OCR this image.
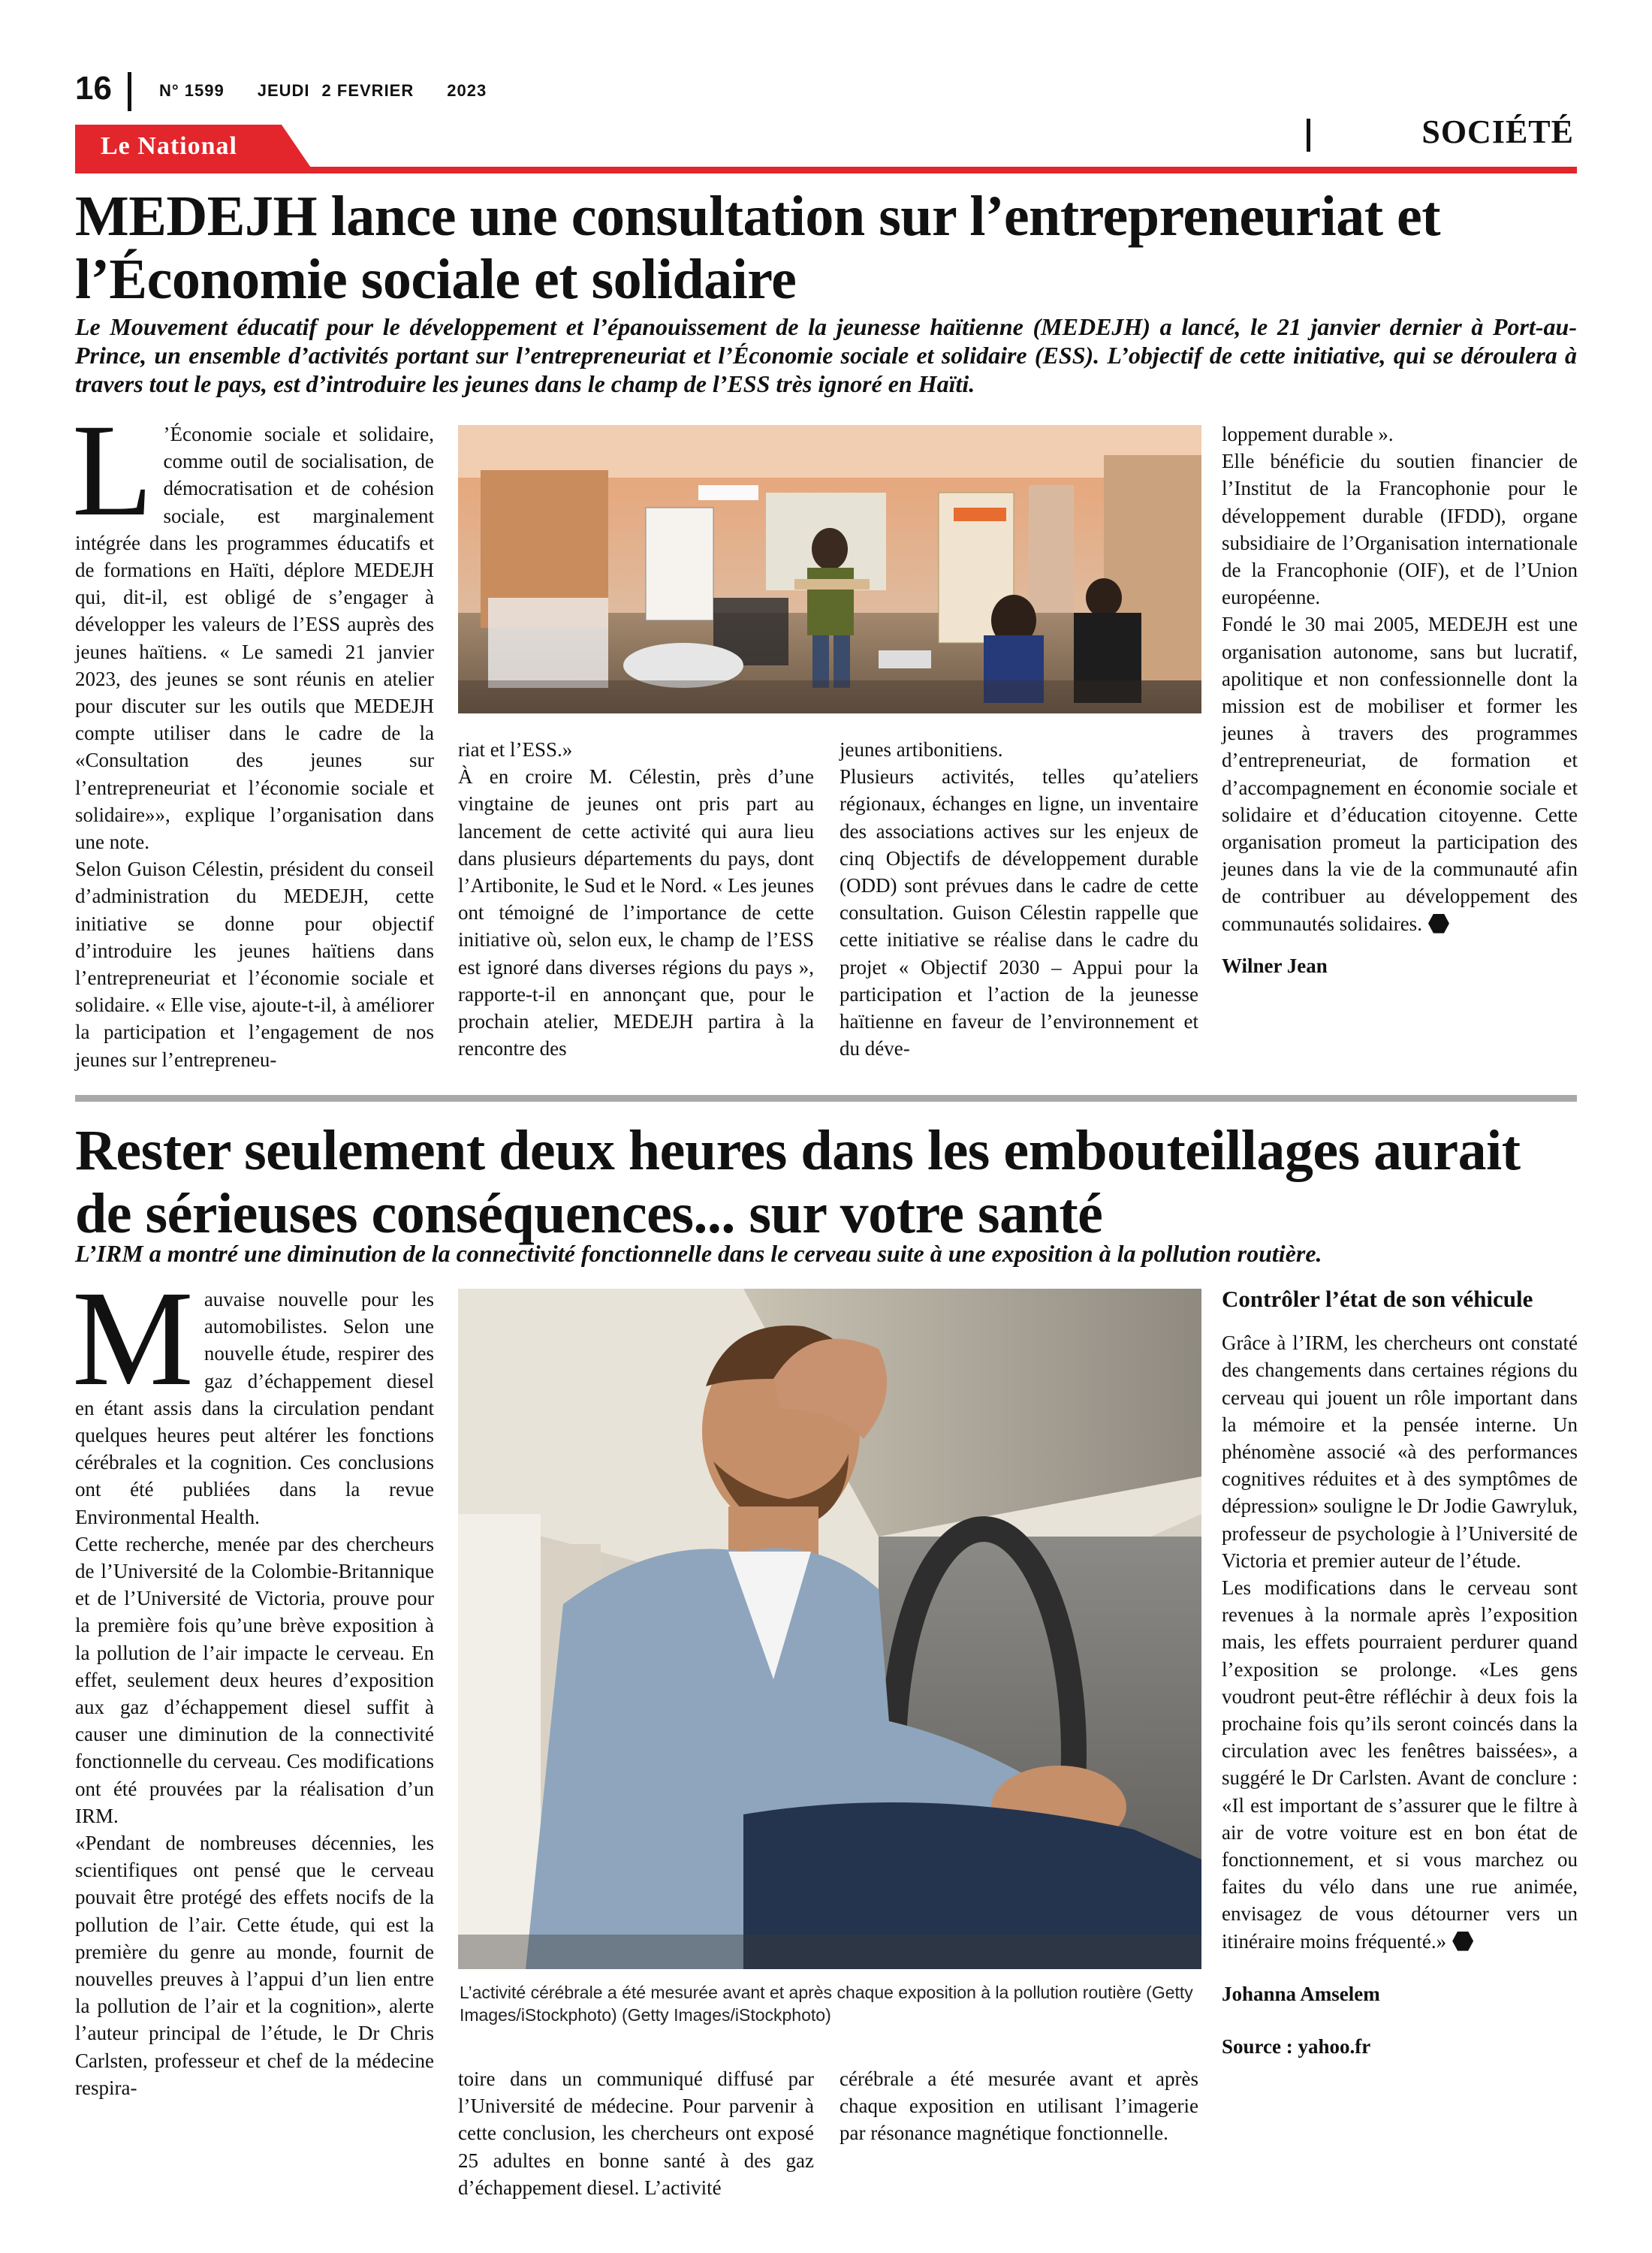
16	N° 1599 JEUDI 2 FEVRIER 2023
Le National	SOCIÉTÉ
MEDEJH lance une consultation sur l’entrepreneuriat et l’Économie sociale et solidaire
Le Mouvement éducatif pour le développement et l’épanouissement de la jeunesse haïtienne (MEDEJH) a lancé, le 21 janvier dernier à Port-au-Prince, un ensemble d’activités portant sur l’entrepreneuriat et l’Économie sociale et solidaire (ESS). L’objectif de cette initiative, qui se déroulera à travers tout le pays, est d’introduire les jeunes dans le champ de l’ESS très ignoré en Haïti.

L ’Économie sociale et solidaire, comme outil de socialisation, de démocratisation et de cohésion sociale, est marginalement intégrée dans les programmes éducatifs et de formations en Haïti, déplore MEDEJH qui, dit-il, est obligé de s’engager à développer les valeurs de l’ESS auprès des jeunes haïtiens. « Le samedi 21 janvier 2023, des jeunes se sont réunis en atelier pour discuter sur les outils que MEDEJH compte utiliser dans le cadre de la «Consultation des jeunes sur l’entrepreneuriat et l’économie sociale et solidaire»», explique l’organisation dans une note.

Selon Guison Célestin, président du conseil d’administration du MEDEJH, cette initiative se donne pour objectif d’introduire les jeunes haïtiens dans l’entrepreneuriat et l’économie sociale et solidaire. « Elle vise, ajoute-t-il, à améliorer la participation et l’engagement de nos jeunes sur l’entrepreneu-

riat et l’ESS.»

À en croire M. Célestin, près d’une vingtaine de jeunes ont pris part au lancement de cette activité qui aura lieu dans plusieurs départements du pays, dont l’Artibonite, le Sud et le Nord. « Les jeunes ont témoigné de l’importance de cette initiative où, selon eux, le champ de l’ESS est ignoré dans diverses régions du pays », rapporte-t-il en annonçant que, pour le prochain atelier, MEDEJH partira à la rencontre des

jeunes artibonitiens.

Plusieurs activités, telles qu’ateliers régionaux, échanges en ligne, un inventaire des associations actives sur les enjeux de cinq Objectifs de développement durable (ODD) sont prévues dans le cadre de cette consultation. Guison Célestin rappelle que cette initiative se réalise dans le cadre du projet « Objectif 2030 – Appui pour la participation et l’action de la jeunesse haïtienne en faveur de l’environnement et du déve-

loppement durable ».

Elle bénéficie du soutien financier de l’Institut de la Francophonie pour le développement durable (IFDD), organe subsidiaire de l’Organisation internationale de la Francophonie (OIF), et de l’Union européenne.

Fondé le 30 mai 2005, MEDEJH est une organisation autonome, sans but lucratif, apolitique et non confessionnelle dont la mission est de mobiliser et former les jeunes à travers des programmes d’entrepreneuriat, de formation et d’accompagnement en économie sociale et solidaire et d’éducation citoyenne. Cette organisation promeut la participation des jeunes dans la vie de la communauté afin de contribuer au développement des communautés solidaires.

Wilner Jean

Rester seulement deux heures dans les embouteillages aurait de sérieuses conséquences... sur votre santé
L’IRM a montré une diminution de la connectivité fonctionnelle dans le cerveau suite à une exposition à la pollution routière.

Mauvaise nouvelle pour les automobilistes. Selon une nouvelle étude, respirer des gaz d’échappement diesel en étant assis dans la circulation pendant quelques heures peut altérer les fonctions cérébrales et la cognition. Ces conclusions ont été publiées dans la revue Environmental Health.

Cette recherche, menée par des chercheurs de l’Université de la Colombie-Britannique et de l’Université de Victoria, prouve pour la première fois qu’une brève exposition à la pollution de l’air impacte le cerveau. En effet, seulement deux heures d’exposition aux gaz d’échappement diesel suffit à causer une diminution de la connectivité fonctionnelle du cerveau. Ces modifications ont été prouvées par la réalisation d’un IRM.

«Pendant de nombreuses décennies, les scientifiques ont pensé que le cerveau pouvait être protégé des effets nocifs de la pollution de l’air. Cette étude, qui est la première du genre au monde, fournit de nouvelles preuves à l’appui d’un lien entre la pollution de l’air et la cognition», alerte l’auteur principal de l’étude, le Dr Chris Carlsten, professeur et chef de la médecine respira-

L’activité cérébrale a été mesurée avant et après chaque exposition à la pollution routière (Getty Images/iStockphoto) (Getty Images/iStockphoto)

toire dans un communiqué diffusé par l’Université de médecine. Pour parvenir à cette conclusion, les chercheurs ont exposé 25 adultes en bonne santé à des gaz d’échappement diesel. L’activité

cérébrale a été mesurée avant et après chaque exposition en utilisant l’imagerie par résonance magnétique fonctionnelle.

Contrôler l’état de son véhicule

Grâce à l’IRM, les chercheurs ont constaté des changements dans certaines régions du cerveau qui jouent un rôle important dans la mémoire et la pensée interne. Un phénomène associé «à des performances cognitives réduites et à des symptômes de dépression» souligne le Dr Jodie Gawryluk, professeur de psychologie à l’Université de Victoria et premier auteur de l’étude.

Les modifications dans le cerveau sont revenues à la normale après l’exposition mais, les effets pourraient perdurer quand l’exposition se prolonge. «Les gens voudront peut-être réfléchir à deux fois la prochaine fois qu’ils seront coincés dans la circulation avec les fenêtres baissées», a suggéré le Dr Carlsten. Avant de conclure : «Il est important de s’assurer que le filtre à air de votre voiture est en bon état de fonctionnement, et si vous marchez ou faites du vélo dans une rue animée, envisagez de vous détourner vers un itinéraire moins fréquenté.»

Johanna Amselem

Source : yahoo.fr
